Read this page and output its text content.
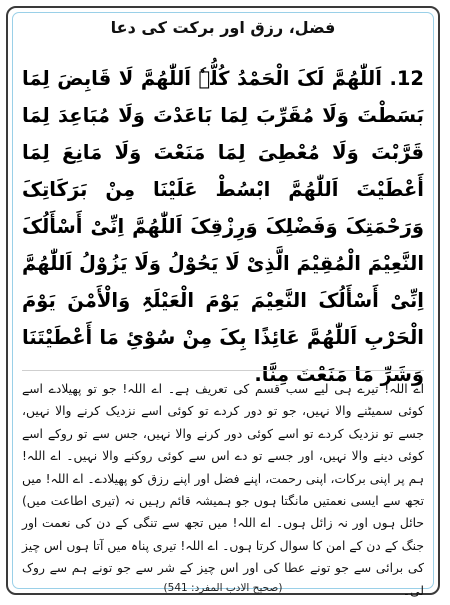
فضل، رزق اور برکت کی دعا
12. اَللّٰھُمَّ لَکَ الْحَمْدُ کُلُّہٗ اَللّٰھُمَّ لَا قَابِضَ لِمَا بَسَطْتَ وَلَا مُقَرِّبَ لِمَا بَاعَدْتَ وَلَا مُبَاعِدَ لِمَا قَرَّبْتَ وَلَا مُعْطِیَ لِمَا مَنَعْتَ وَلَا مَانِعَ لِمَا أَعْطَیْتَ اَللّٰھُمَّ ابْسُطْ عَلَیْنَا مِنْ بَرَکَاتِکَ وَرَحْمَتِکَ وَفَضْلِکَ وَرِزْقِکَ اَللّٰھُمَّ اِنِّیْ أَسْأَلُکَ النَّعِیْمَ الْمُقِیْمَ الَّذِیْ لَا یَحُوْلُ وَلَا یَزُوْلُ اَللّٰھُمَّ اِنِّیْ أَسْأَلُکَ النَّعِیْمَ یَوْمَ الْعَیْلَۃِ وَالْأَمْنَ یَوْمَ الْحَرْبِ اَللّٰھُمَّ عَائِذًا بِکَ مِنْ سُوْئِ مَا أَعْطَیْتَنَا وَشَرِّ مَا مَنَعْتَ مِنَّا.
اے اللہ! تیرے ہی لیے سب قسم کی تعریف ہے۔ اے اللہ! جو تو پھیلادے اسے کوئی سمیٹنے والا نہیں، جو تو دور کردے تو کوئی اسے نزدیک کرنے والا نہیں، جسے تو نزدیک کردے تو اسے کوئی دور کرنے والا نہیں، جس سے تو روکے اسے کوئی دینے والا نہیں، اور جسے تو دے اس سے کوئی روکنے والا نہیں۔ اے اللہ! ہم پر اپنی برکات، اپنی رحمت، اپنے فضل اور اپنے رزق کو پھیلادے۔ اے اللہ! میں تجھ سے ایسی نعمتیں مانگتا ہوں جو ہمیشہ قائم رہیں نہ (تیری اطاعت میں) حائل ہوں اور نہ زائل ہوں۔ اے اللہ! میں تجھ سے تنگی کے دن کی نعمت اور جنگ کے دن کے امن کا سوال کرتا ہوں۔ اے اللہ! تیری پناہ میں آتا ہوں اس چیز کی برائی سے جو تونے عطا کی اور اس چیز کے شر سے جو تونے ہم سے روک لی۔
(صحیح الادب المفرد: 541)
